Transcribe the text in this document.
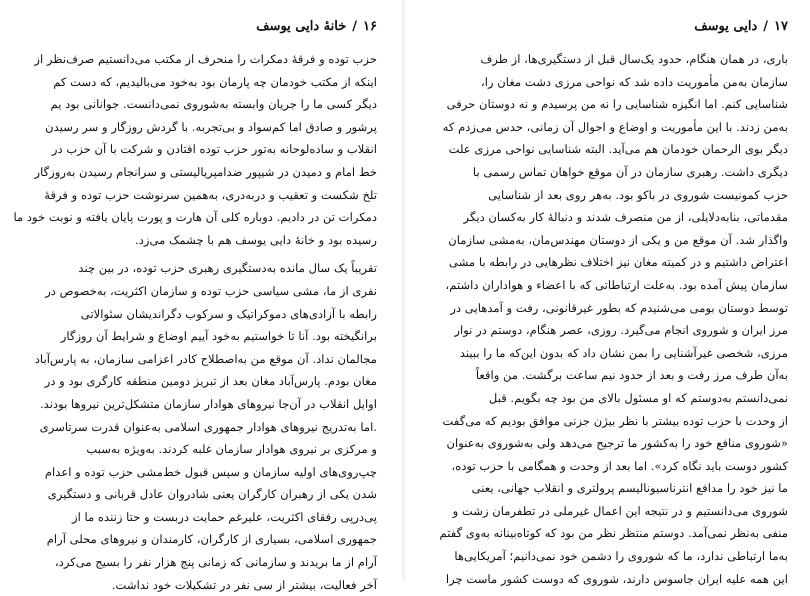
۱۶
/
خانهٔ دایی یوسف

حزب توده و فرقهٔ دمکرات را منحرف از مکتب می‌دانستیم صرف‌نظر از
اینکه از مکتب خودمان چه پارمان بود به‌خود می‌بالیدیم، که دست کم
دیگر کسی ما را جریان وابسته به‌شوروی نمی‌دانست. جوانانی بود یم
پرشور و صادق اما کم‌سواد و بی‌تجربه. با گردش روزگار و سر رسیدن
انقلاب و ساده‌لوحانه به‌تور حزب توده افتادن و شرکت با آن حزب در
خط امام و دمیدن در شیپور ضدامپریالیستی و سرانجام رسیدن به‌روزگار
تلخ شکست و تعقیب و دربه‌دری، به‌همین سرنوشت حزب توده و فرقهٔ
دمکرات تن در دادیم. دوباره کلی آن هارت و پورت پایان یافته و نوبت خود ما
رسیده بود و خانهٔ دایی یوسف هم با چشمک می‌زد.

تقریباً یک سال مانده به‌دستگیری رهبری حزب توده، در بین چند
نفری از ما، مشی سیاسی حزب توده و سازمان اکثریت، به‌خصوص در
رابطه با آزادی‌های دموکراتیک و سرکوب دگراندیشان سئوالاتی
برانگیخته بود. آنا تا خواستیم به‌خود آییم اوضاع و شرایط آن روزگار
مجالمان نداد. آن موقع من به‌اصطلاح کادر اعزامی سازمان، به پارس‌آباد
مغان بودم. پارس‌آباد مغان بعد از تبریز دومین منطقه کارگری بود و در
اوایل انقلاب در آن‌جا نیروهای هوادار سازمان متشکل‌ترین نیروها بودند.
.اما به‌تدریج نیروهای هوادار جمهوری اسلامی به‌عنوان قدرت سرتاسری
و مرکزی بر نیروی هوادار سازمان غلبه کردند. به‌ویژه به‌سبب
چپ‌روی‌های اولیه سازمان و سپس قبول خط‌مشی حزب توده و اعدام
شدن یکی از رهبران کارگران یعنی شادروان عادل قربانی و دستگیری
پی‌درپی رفقای اکثریت، علیرغم حمایت دربست و حتا زننده ما از
جمهوری اسلامی، بسیاری از کارگران، کارمندان و نیروهای محلی آرام
آرام از ما بریدند و سازمانی که زمانی پنج هزار نفر را بسیج می‌کرد،
آخر فعالیت، بیشتر از سی نفر در تشکیلات خود نداشت.

۱۷
/
دایی یوسف

باری، در همان هنگام، حدود یک‌سال قبل از دستگیری‌ها، از طرف
سازمان به‌من مأموریت داده شد که نواحی مرزی دشت مغان را،
شناسایی کنم. اما انگیزه شناسایی را نه من پرسیدم و نه دوستان حرفی
به‌من زدند. با این مأموریت و اوضاع و احوال آن زمانی، حدس می‌زدم که
دیگر بوی الرحمان خودمان هم می‌آید. البته شناسایی نواحی مرزی علت
دیگری داشت. رهبری سازمان در آن موقع خواهان تماس رسمی با
حزب کمونیست شوروی در باکو بود. به‌هر روی بعد از شناسایی
مقدماتی، بنابه‌دلایلی، از من منصرف شدند و دنبالهٔ کار به‌کسان دیگر
واگذار شد. آن موقع من و یکی از دوستان مهندس‌مان، به‌مشی سازمان
اعتراض داشتیم و در کمیته مغان نیز اختلاف نظرهایی در رابطه با مشی
سازمان پیش آمده بود. به‌علت ارتباطاتی که با اعضاء و هواداران داشتم،
توسط دوستان بومی می‌شنیدم که بطور غیرقانونی، رفت و آمدهایی در
مرز ایران و شوروی انجام می‌گیرد. روزی، عصر هنگام، دوستم در نوار
مرزی، شخصی غیرآشنایی را بمن نشان داد که بدون این‌که ما را ببیند
به‌آن طرف مرز رفت و بعد از حدود نیم ساعت برگشت. من واقعاً
نمی‌دانستم به‌دوستم که او مسئول بالای من بود چه بگویم. قبل
از وحدت با حزب توده بیشتر با نظر بیژن جزنی موافق بودیم که می‌گفت
«شوروی منافع خود را به‌کشور ما ترجیح می‌دهد ولی به‌شوروی به‌عنوان
کشور دوست باید نگاه کرد». اما بعد از وحدت و همگامی با حزب توده،
ما نیز خود را مدافع انترناسیونالیسم پرولتری و انقلاب جهانی، یعنی
شوروی می‌دانستیم و در نتیجه این اعمال غیرملی در تطفرمان زشت و
منفی به‌نظر نمی‌آمد. دوستم منتظر نظر من بود که کوتاه‌بینانه به‌وی گفتم
به‌ما ارتباطی ندارد، ما که شوروی را دشمن خود نمی‌دانیم؛ آمریکایی‌ها
این همه علیه ایران جاسوس دارند، شوروی که دوست کشور ماست چرا
